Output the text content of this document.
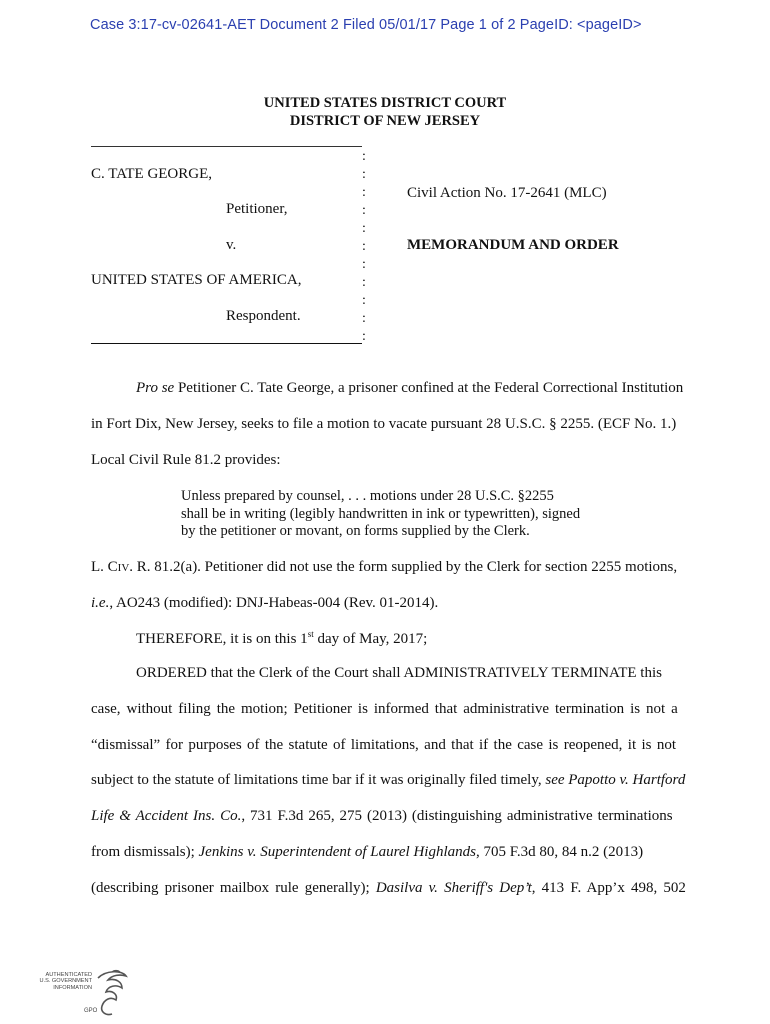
Case 3:17-cv-02641-AET Document 2 Filed 05/01/17 Page 1 of 2 PageID: <pageID>
UNITED STATES DISTRICT COURT
DISTRICT OF NEW JERSEY
:
:
:
:
:
:
:
:
:
:
:
C. TATE GEORGE,
Petitioner,
v.
UNITED STATES OF AMERICA,
Respondent.
Civil Action No. 17-2641 (MLC)
MEMORANDUM AND ORDER
Pro se Petitioner C. Tate George, a prisoner confined at the Federal Correctional Institution
in Fort Dix, New Jersey, seeks to file a motion to vacate pursuant 28 U.S.C. § 2255. (ECF No. 1.)
Local Civil Rule 81.2 provides:
Unless prepared by counsel, . . . motions under 28 U.S.C. §2255
shall be in writing (legibly handwritten in ink or typewritten), signed
by the petitioner or movant, on forms supplied by the Clerk.
L. Civ. R. 81.2(a). Petitioner did not use the form supplied by the Clerk for section 2255 motions,
i.e., AO243 (modified): DNJ-Habeas-004 (Rev. 01-2014).
THEREFORE, it is on this 1st day of May, 2017;
ORDERED that the Clerk of the Court shall ADMINISTRATIVELY TERMINATE this
case, without filing the motion; Petitioner is informed that administrative termination is not a
“dismissal” for purposes of the statute of limitations, and that if the case is reopened, it is not
subject to the statute of limitations time bar if it was originally filed timely, see Papotto v. Hartford
Life & Accident Ins. Co., 731 F.3d 265, 275 (2013) (distinguishing administrative terminations
from dismissals); Jenkins v. Superintendent of Laurel Highlands, 705 F.3d 80, 84 n.2 (2013)
(describing prisoner mailbox rule generally); Dasilva v. Sheriff's Dep’t, 413 F. App’x 498, 502
AUTHENTICATED
U.S. GOVERNMENT
INFORMATION
GPO
